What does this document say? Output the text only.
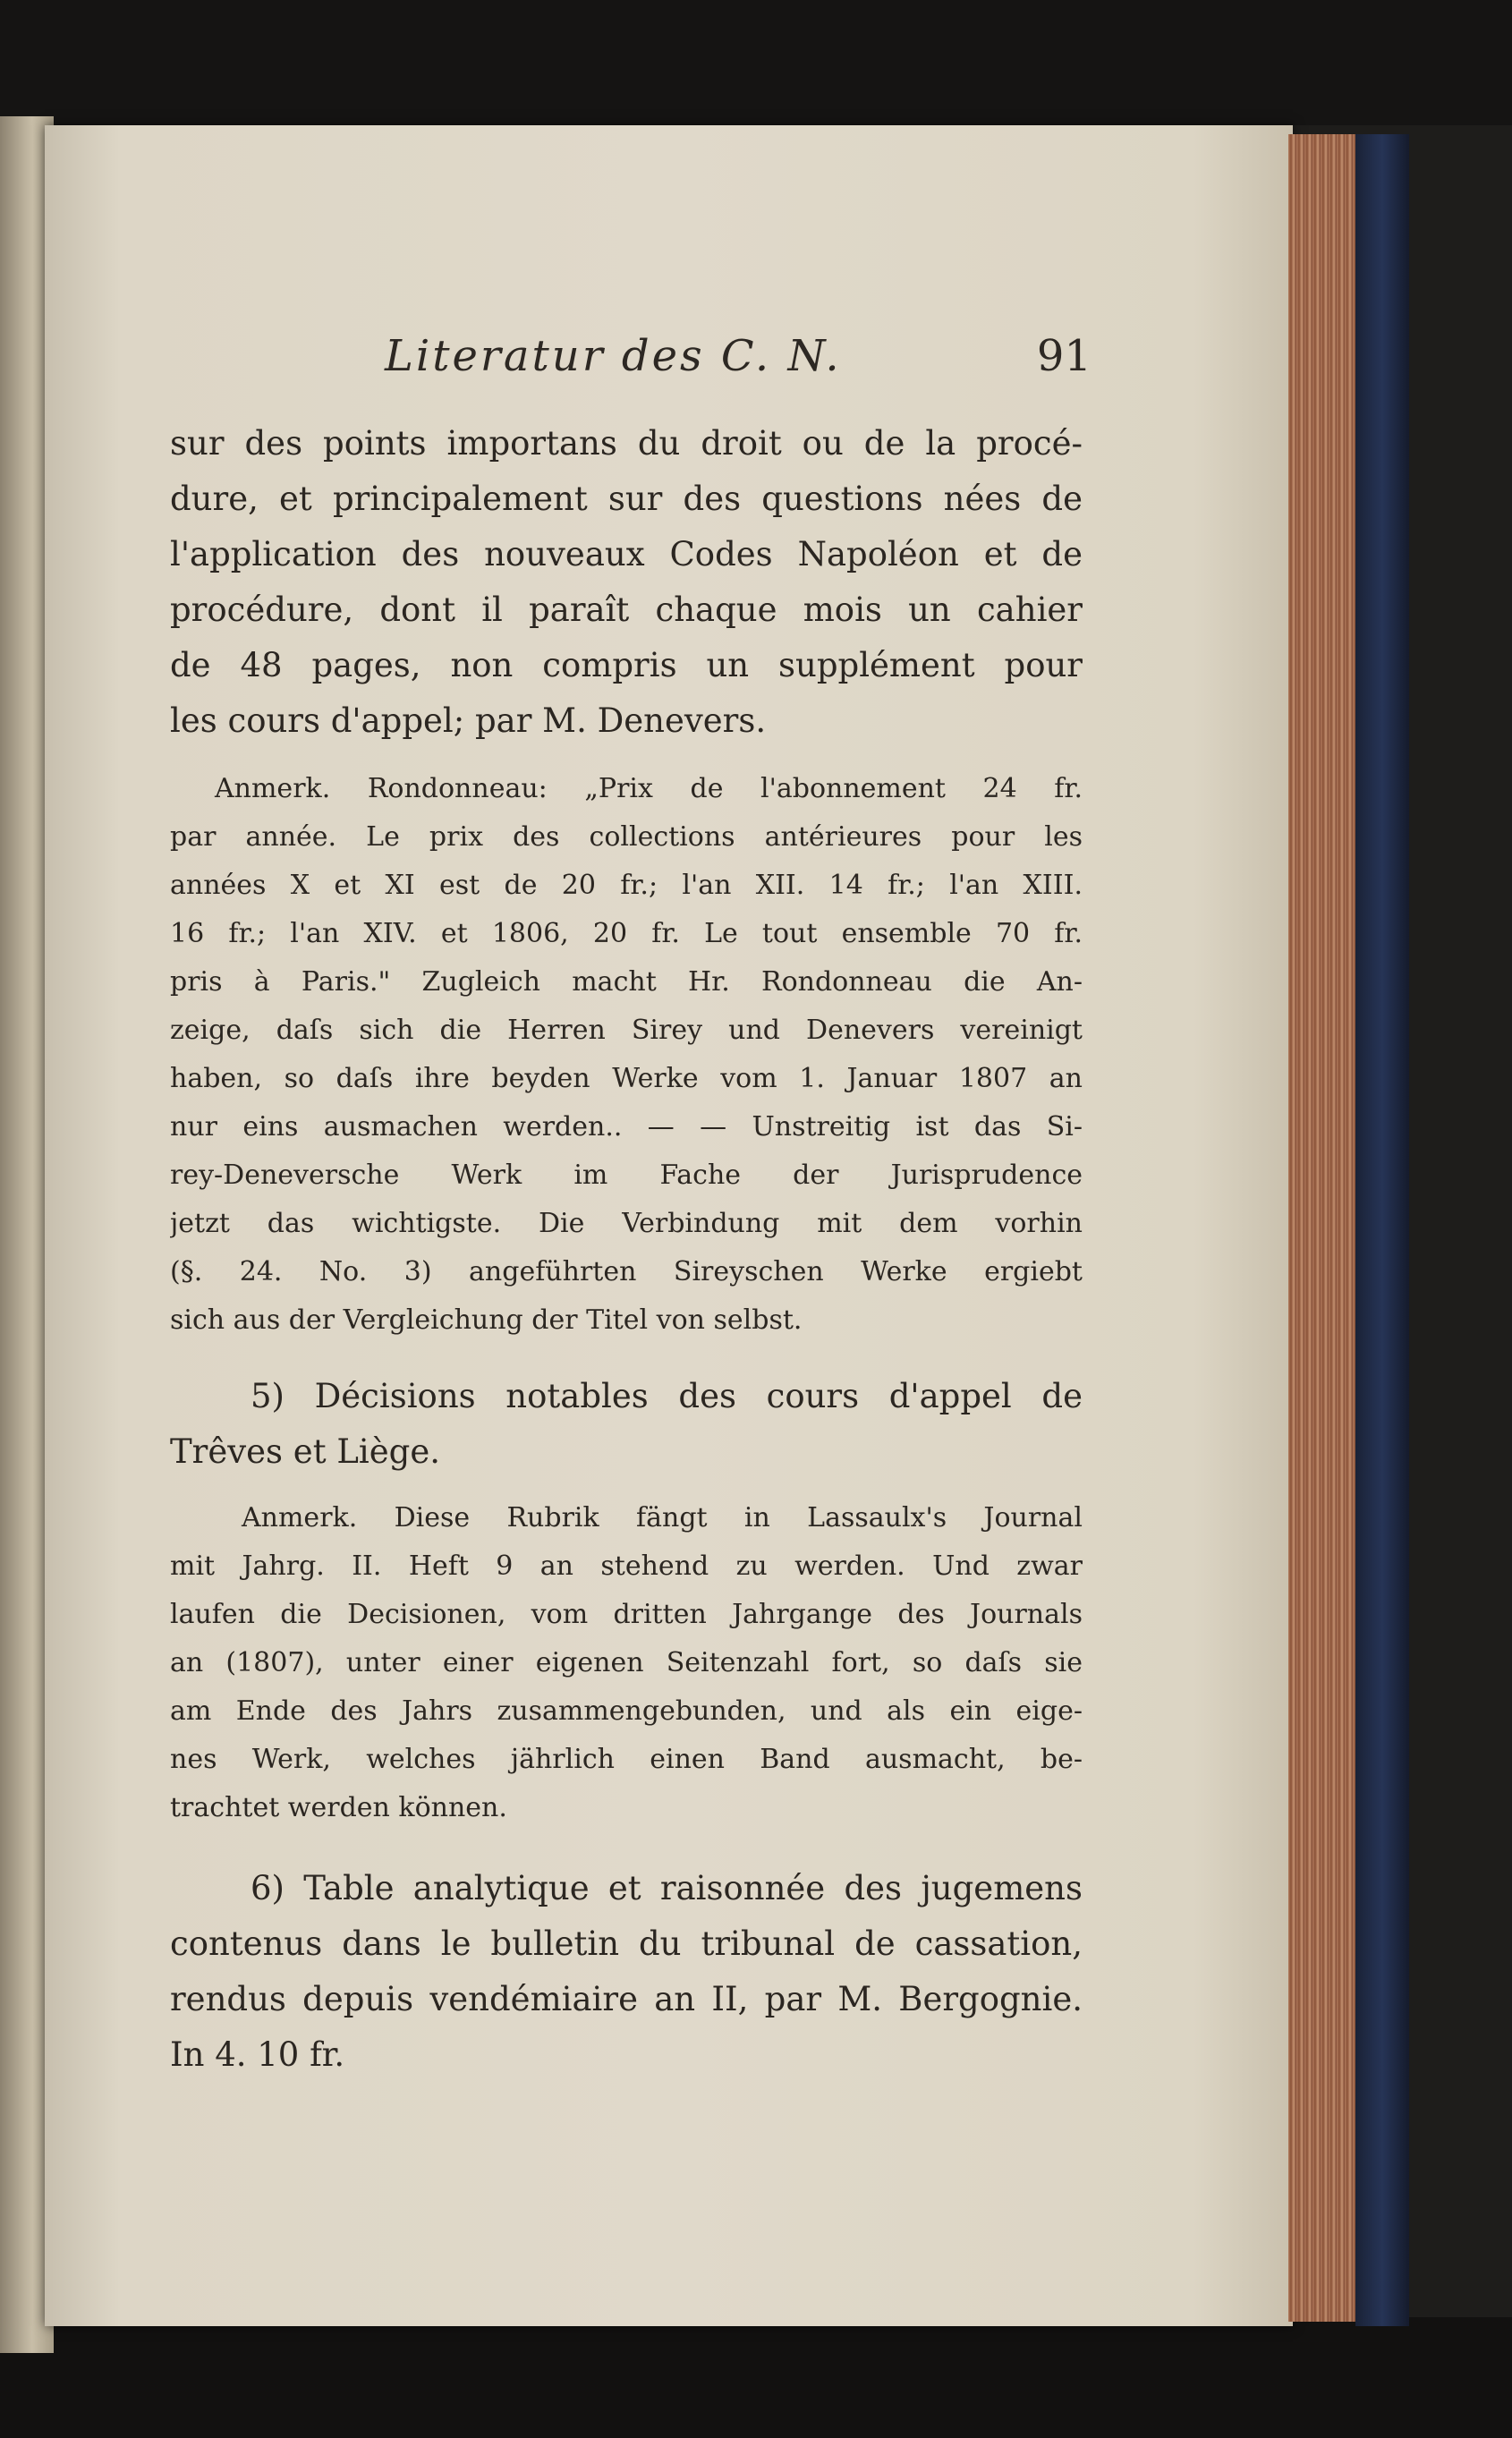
Literatur des C. N.	91
sur des points importans du droit ou de la procé-
dure, et principalement sur des questions nées de
l'application des nouveaux Codes Napoléon et de
procédure, dont il paraît chaque mois un cahier
de 48 pages, non compris un supplément pour
les cours d'appel; par M. Denevers.
Anmerk. Rondonneau: „Prix de l'abonnement 24 fr.
par année. Le prix des collections antérieures pour les
années X et XI est de 20 fr.; l'an XII. 14 fr.; l'an XIII.
16 fr.; l'an XIV. et 1806, 20 fr. Le tout ensemble 70 fr.
pris à Paris." Zugleich macht Hr. Rondonneau die An-
zeige, daſs sich die Herren Sirey und Denevers vereinigt
haben, so daſs ihre beyden Werke vom 1. Januar 1807 an
nur eins ausmachen werden.. — — Unstreitig ist das Si-
rey-Deneversche Werk im Fache der Jurisprudence
jetzt das wichtigste. Die Verbindung mit dem vorhin
(§. 24. No. 3) angeführten Sireyschen Werke ergiebt
sich aus der Vergleichung der Titel von selbst.
5) Décisions notables des cours d'appel de
Trêves et Liège.
Anmerk. Diese Rubrik fängt in Lassaulx's Journal
mit Jahrg. II. Heft 9 an stehend zu werden. Und zwar
laufen die Decisionen, vom dritten Jahrgange des Journals
an (1807), unter einer eigenen Seitenzahl fort, so daſs sie
am Ende des Jahrs zusammengebunden, und als ein eige-
nes Werk, welches jährlich einen Band ausmacht, be-
trachtet werden können.
6) Table analytique et raisonnée des jugemens
contenus dans le bulletin du tribunal de cassation,
rendus depuis vendémiaire an II, par M. Bergognie.
In 4. 10 fr.
